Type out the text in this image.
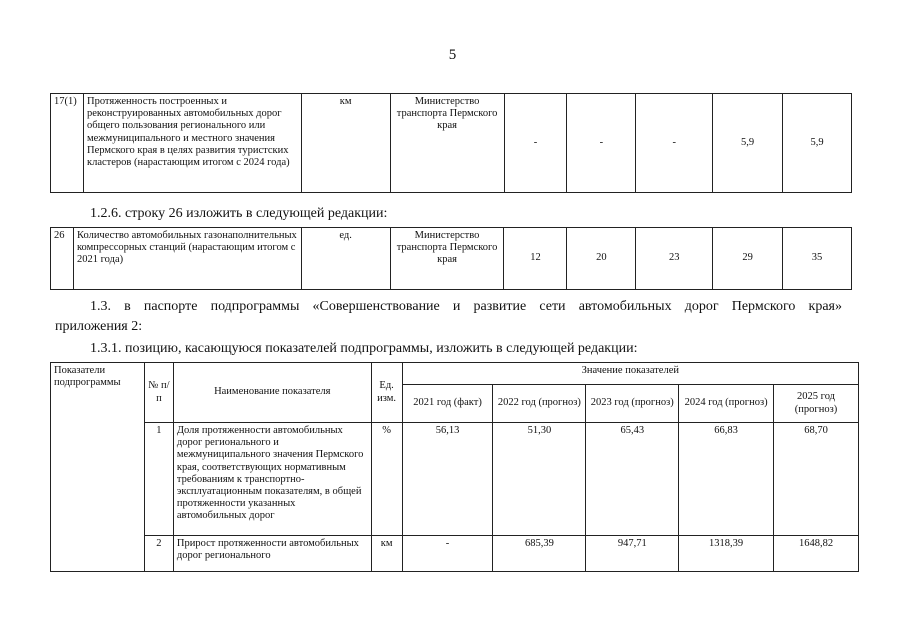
5
17(1)	Протяженность построенных и реконструированных автомобильных дорог общего пользования регионального или межмуниципального и местного значения Пермского края в целях развития туристских кластеров (нарастающим итогом с 2024 года)	км	Министерство транспорта Пермского края	-	-	-	5,9	5,9
1.2.6. строку 26 изложить в следующей редакции:
26	Количество автомобильных газонаполнительных компрессорных станций (нарастающим итогом с 2021 года)	ед.	Министерство транспорта Пермского края	12	20	23	29	35
1.3. в паспорте подпрограммы «Совершенствование и развитие сети автомобильных дорог Пермского края»
приложения 2:
1.3.1. позицию, касающуюся показателей подпрограммы, изложить в следующей редакции:
Показатели подпрограммы	№ п/п	Наименование показателя	Ед. изм.	Значение показателей				
				2021 год (факт)	2022 год (прогноз)	2023 год (прогноз)	2024 год (прогноз)	2025 год (прогноз)
	1	Доля протяженности автомобильных дорог регионального и межмуниципального значения Пермского края, соответствующих нормативным требованиям к транспортно-эксплуатационным показателям, в общей протяженности указанных автомобильных дорог	%	56,13	51,30	65,43	66,83	68,70
	2	Прирост протяженности автомобильных дорог регионального	км	-	685,39	947,71	1318,39	1648,82
